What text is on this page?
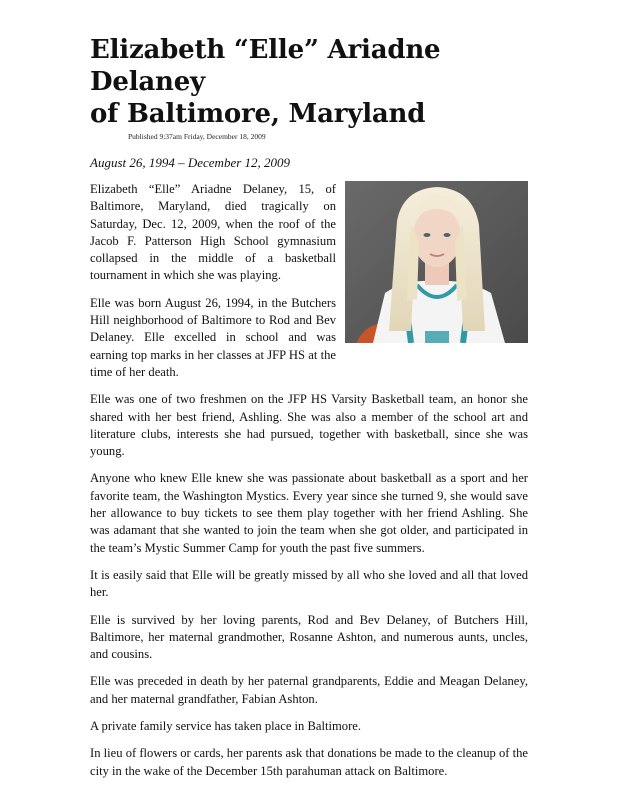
Elizabeth “Elle” Ariadne Delaney
of Baltimore, Maryland
Published 9:37am Friday, December 18, 2009
August 26, 1994 – December 12, 2009

Elizabeth “Elle” Ariadne Delaney, 15, of Baltimore, Maryland, died tragically on Saturday, Dec. 12, 2009, when the roof of the Jacob F. Patterson High School gymnasium collapsed in the middle of a basketball tournament in which she was playing.

Elle was born August 26, 1994, in the Butchers Hill neighborhood of Baltimore to Rod and Bev Delaney. Elle excelled in school and was earning top marks in her classes at JFP HS at the time of her death.

Elle was one of two freshmen on the JFP HS Varsity Basketball team, an honor she shared with her best friend, Ashling. She was also a member of the school art and literature clubs, interests she had pursued, together with basketball, since she was young.

Anyone who knew Elle knew she was passionate about basketball as a sport and her favorite team, the Washington Mystics. Every year since she turned 9, she would save her allowance to buy tickets to see them play together with her friend Ashling. She was adamant that she wanted to join the team when she got older, and participated in the team’s Mystic Summer Camp for youth the past five summers.

It is easily said that Elle will be greatly missed by all who she loved and all that loved her.

Elle is survived by her loving parents, Rod and Bev Delaney, of Butchers Hill, Baltimore, her maternal grandmother, Rosanne Ashton, and numerous aunts, uncles, and cousins.

Elle was preceded in death by her paternal grandparents, Eddie and Meagan Delaney, and her maternal grandfather, Fabian Ashton.

A private family service has taken place in Baltimore.

In lieu of flowers or cards, her parents ask that donations be made to the cleanup of the city in the wake of the December 15th parahuman attack on Baltimore.
